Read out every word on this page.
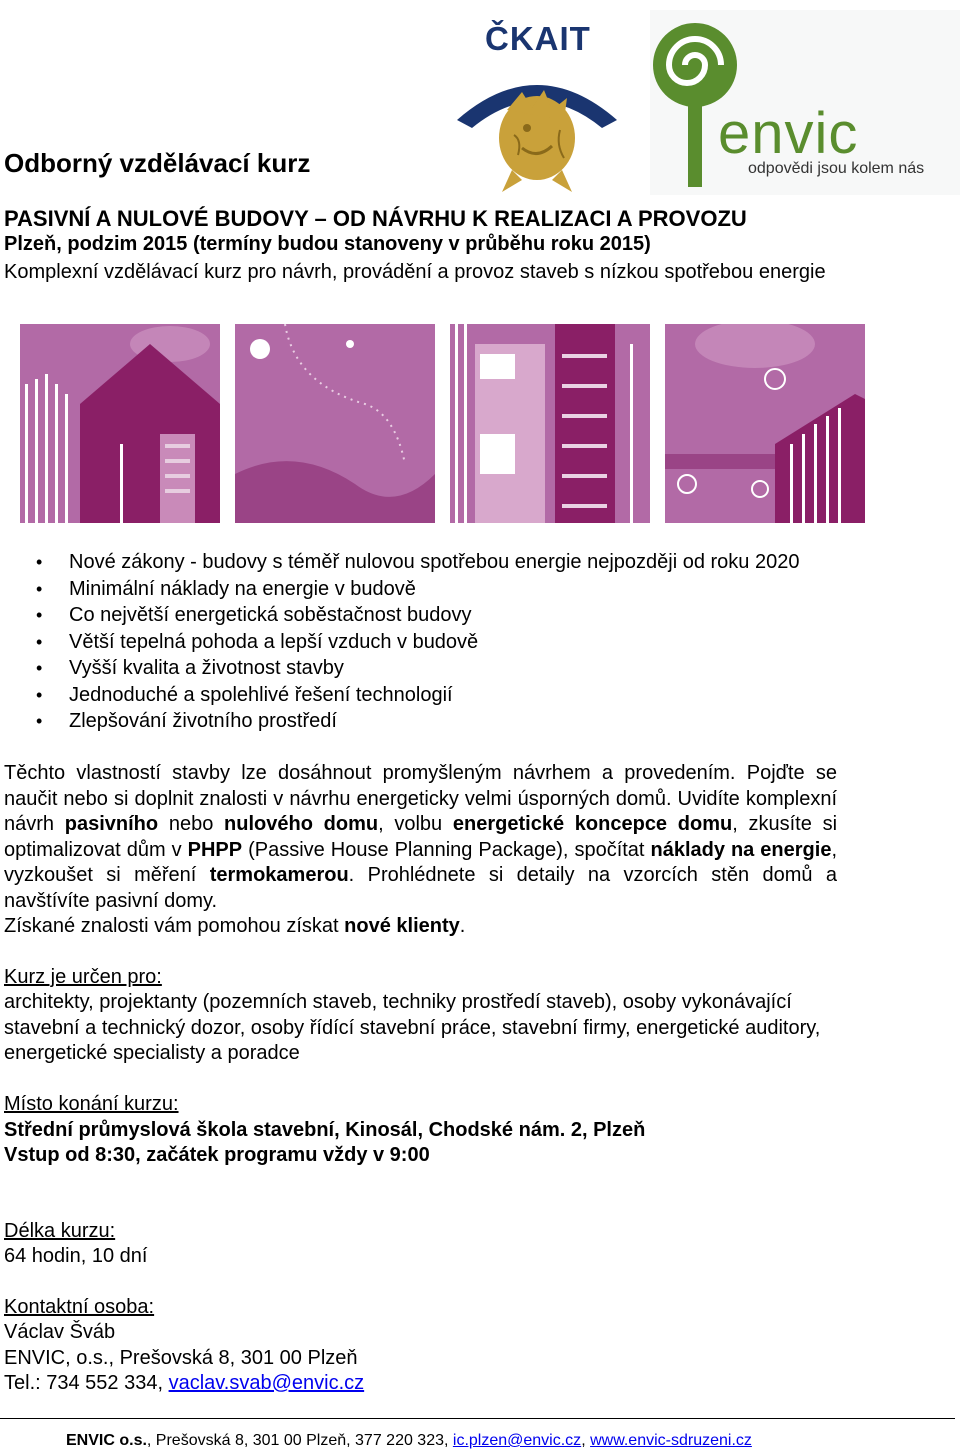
ČKAIT
envic
odpovědi jsou kolem nás
Odborný vzdělávací kurz
PASIVNÍ A NULOVÉ BUDOVY – OD NÁVRHU K REALIZACI A PROVOZU
Plzeň, podzim 2015 (termíny budou stanoveny v průběhu roku 2015)
Komplexní vzdělávací kurz pro návrh, provádění a provoz staveb s nízkou spotřebou energie
• Nové zákony - budovy s téměř nulovou spotřebou energie nejpozději od roku 2020
• Minimální náklady na energie v budově
• Co největší energetická soběstačnost budovy
• Větší tepelná pohoda a lepší vzduch v budově
• Vyšší kvalita a životnost stavby
• Jednoduché a spolehlivé řešení technologií
• Zlepšování životního prostředí
Těchto vlastností stavby lze dosáhnout promyšleným návrhem a provedením. Pojďte se naučit nebo si doplnit znalosti v návrhu energeticky velmi úsporných domů. Uvidíte komplexní návrh pasivního nebo nulového domu, volbu energetické koncepce domu, zkusíte si optimalizovat dům v PHPP (Passive House Planning Package), spočítat náklady na energie, vyzkoušet si měření termokamerou. Prohlédnete si detaily na vzorcích stěn domů a navštívíte pasivní domy.
Získané znalosti vám pomohou získat nové klienty.
Kurz je určen pro:
architekty, projektanty (pozemních staveb, techniky prostředí staveb), osoby vykonávající stavební a technický dozor, osoby řídící stavební práce, stavební firmy, energetické auditory, energetické specialisty a poradce
Místo konání kurzu:
Střední průmyslová škola stavební, Kinosál, Chodské nám. 2, Plzeň
Vstup od 8:30, začátek programu vždy v 9:00
Délka kurzu:
64 hodin, 10 dní
Kontaktní osoba:
Václav Šváb
ENVIC, o.s., Prešovská 8, 301 00 Plzeň
Tel.: 734 552 334, vaclav.svab@envic.cz
ENVIC o.s., Prešovská 8, 301 00 Plzeň, 377 220 323, ic.plzen@envic.cz, www.envic-sdruzeni.cz
